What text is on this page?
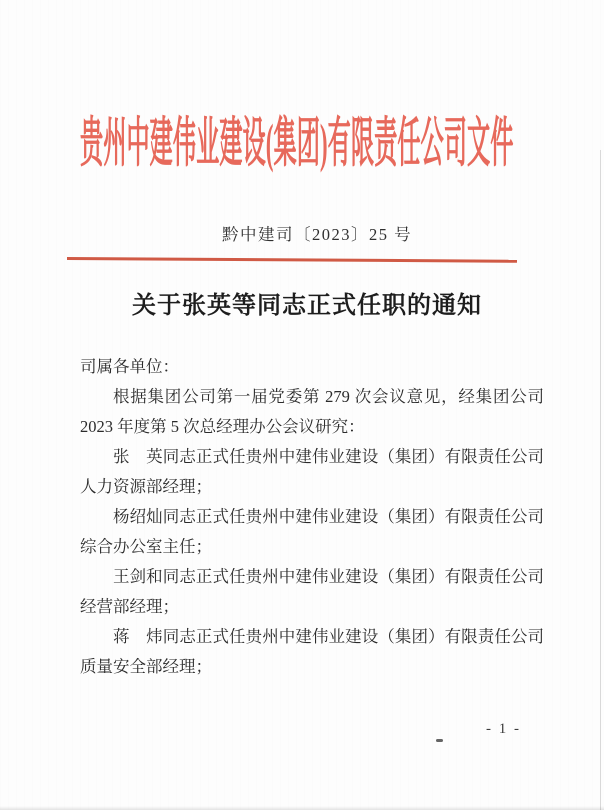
贵州中建伟业建设(集团)有限责任公司文件
黔中建司〔2023〕25 号
关于张英等同志正式任职的通知

司属各单位：

根据集团公司第一届党委第 279 次会议意见，经集团公司

2023 年度第 5 次总经理办公会议研究：

张　英同志正式任贵州中建伟业建设（集团）有限责任公司

人力资源部经理；

杨绍灿同志正式任贵州中建伟业建设（集团）有限责任公司

综合办公室主任；

王剑和同志正式任贵州中建伟业建设（集团）有限责任公司

经营部经理；

蒋　炜同志正式任贵州中建伟业建设（集团）有限责任公司

质量安全部经理；

- 1 -
